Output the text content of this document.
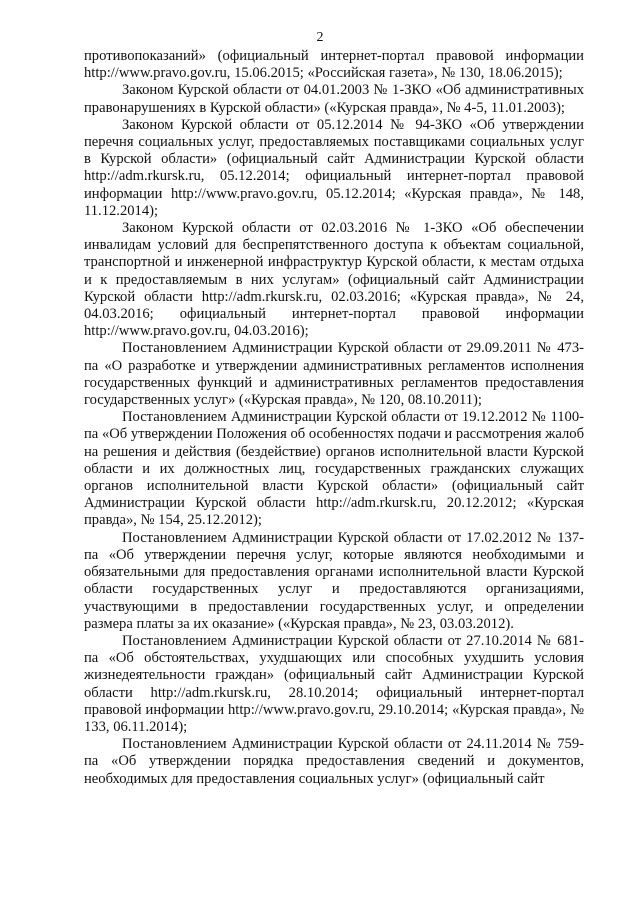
2

противопоказаний» (официальный интернет-портал правовой информации http://www.pravo.gov.ru, 15.06.2015; «Российская газета», № 130, 18.06.2015);

Законом Курской области от 04.01.2003 № 1-ЗКО «Об административных правонарушениях в Курской области» («Курская правда», № 4-5, 11.01.2003);

Законом Курской области от 05.12.2014 № 94-ЗКО «Об утверждении перечня социальных услуг, предоставляемых поставщиками социальных услуг в Курской области» (официальный сайт Администрации Курской области http://adm.rkursk.ru, 05.12.2014; официальный интернет-портал правовой информации http://www.pravo.gov.ru, 05.12.2014; «Курская правда», № 148, 11.12.2014);

Законом Курской области от 02.03.2016 № 1-ЗКО «Об обеспечении инвалидам условий для беспрепятственного доступа к объектам социальной, транспортной и инженерной инфраструктур Курской области, к местам отдыха и к предоставляемым в них услугам» (официальный сайт Администрации Курской области http://adm.rkursk.ru, 02.03.2016; «Курская правда», № 24, 04.03.2016; официальный интернет-портал правовой информации http://www.pravo.gov.ru, 04.03.2016);

Постановлением Администрации Курской области от 29.09.2011 № 473-па «О разработке и утверждении административных регламентов исполнения государственных функций и административных регламентов предоставления государственных услуг» («Курская правда», № 120, 08.10.2011);

Постановлением Администрации Курской области от 19.12.2012 № 1100-па «Об утверждении Положения об особенностях подачи и рассмотрения жалоб на решения и действия (бездействие) органов исполнительной власти Курской области и их должностных лиц, государственных гражданских служащих органов исполнительной власти Курской области» (официальный сайт Администрации Курской области http://adm.rkursk.ru, 20.12.2012; «Курская правда», № 154, 25.12.2012);

Постановлением Администрации Курской области от 17.02.2012 № 137-па «Об утверждении перечня услуг, которые являются необходимыми и обязательными для предоставления органами исполнительной власти Курской области государственных услуг и предоставляются организациями, участвующими в предоставлении государственных услуг, и определении размера платы за их оказание» («Курская правда», № 23, 03.03.2012).

Постановлением Администрации Курской области от 27.10.2014 № 681-па «Об обстоятельствах, ухудшающих или способных ухудшить условия жизнедеятельности граждан» (официальный сайт Администрации Курской области http://adm.rkursk.ru, 28.10.2014; официальный интернет-портал правовой информации http://www.pravo.gov.ru, 29.10.2014; «Курская правда», № 133, 06.11.2014);

Постановлением Администрации Курской области от 24.11.2014 № 759-па «Об утверждении порядка предоставления сведений и документов, необходимых для предоставления социальных услуг» (официальный сайт
